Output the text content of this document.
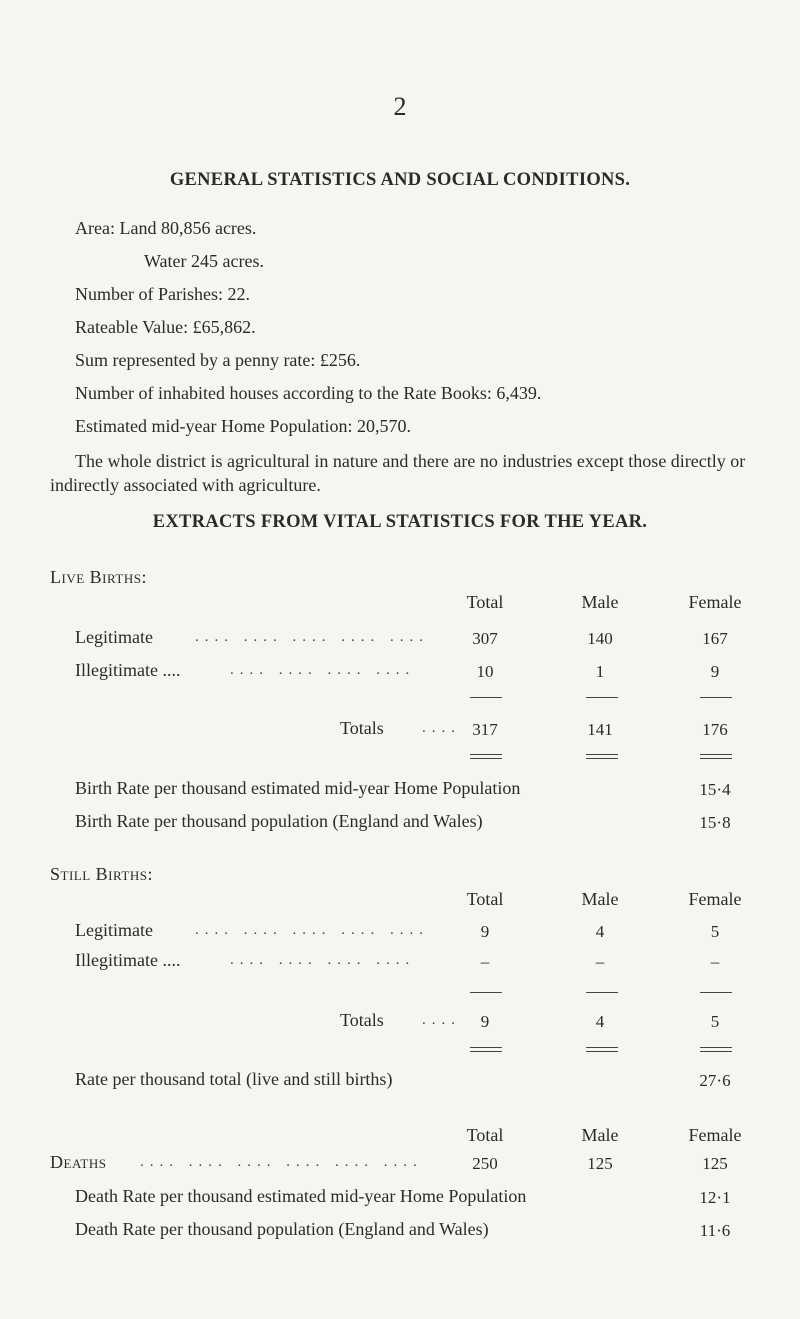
2
GENERAL STATISTICS AND SOCIAL CONDITIONS.
Area: Land 80,856 acres.
Water 245 acres.
Number of Parishes: 22.
Rateable Value: £65,862.
Sum represented by a penny rate: £256.
Number of inhabited houses according to the Rate Books: 6,439.
Estimated mid-year Home Population: 20,570.
The whole district is agricultural in nature and there are no industries except those directly or indirectly associated with agriculture.
EXTRACTS FROM VITAL STATISTICS FOR THE YEAR.
Live Births:
Total	Male	Female
Legitimate	.... .... .... .... ....	307	140	167
Illegitimate ....	.... .... .... ....	10	1	9
Totals	.... 317	141	176
Birth Rate per thousand estimated mid-year Home Population	15·4
Birth Rate per thousand population (England and Wales)	15·8
Still Births:
Total	Male	Female
Legitimate	.... .... .... .... ....	9	4	5
Illegitimate ....	.... .... .... ....	–	–	–
Totals	....	9	4	5
Rate per thousand total (live and still births)	27·6
Total	Male	Female
Deaths .... .... .... .... .... ....	250	125	125
Death Rate per thousand estimated mid-year Home Population	12·1
Death Rate per thousand population (England and Wales)	11·6
